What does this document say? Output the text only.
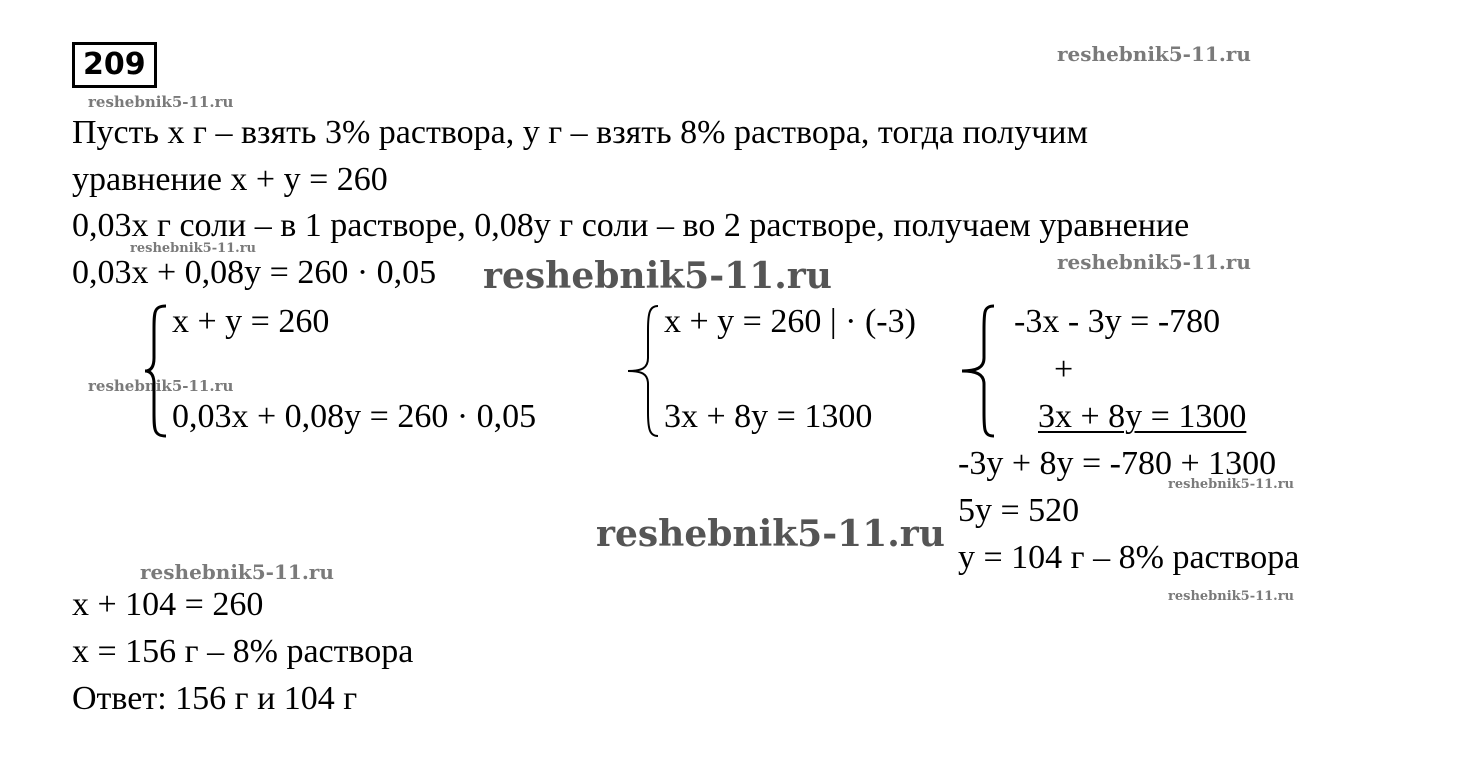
209	reshebnik5-11.ru
reshebnik5-11.ru
reshebnik5-11.ru
reshebnik5-11.ru
reshebnik5-11.ru
reshebnik5-11.ru
reshebnik5-11.ru
reshebnik5-11.ru
reshebnik5-11.ru
reshebnik5-11.ru
Пусть x г – взять 3% раствора, y г – взять 8% раствора, тогда получим
уравнение x + y = 260
0,03x г соли – в 1 растворе, 0,08y г соли – во 2 растворе, получаем уравнение
0,03x + 0,08y = 260 · 0,05
x + y = 260
0,03x + 0,08y = 260 · 0,05
x + y = 260 | · (-3)
3x + 8y = 1300
-3x - 3y = -780
+
3x + 8y = 1300
-3y + 8y = -780 + 1300
5y = 520
y = 104 г – 8% раствора
x + 104 = 260
x = 156 г – 8% раствора
Ответ: 156 г и 104 г
